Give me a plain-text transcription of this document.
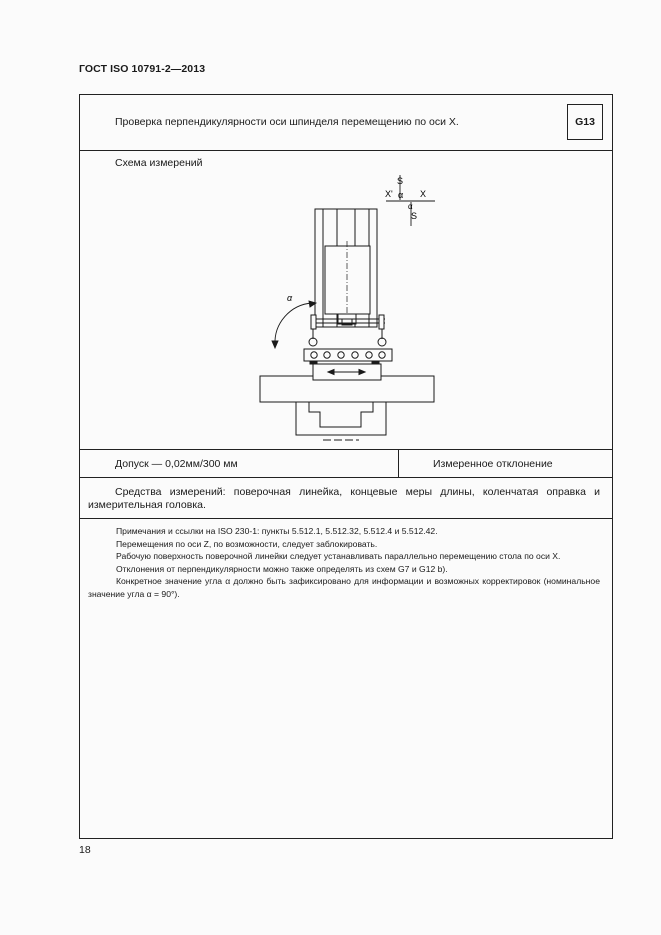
ГОСТ ISO 10791-2—2013
Проверка перпендикулярности оси шпинделя перемещению по оси X.	G13
Схема измерений
S
X' α X
α
S
α
Допуск — 0,02мм/300 мм	Измеренное отклонение
Средства измерений: поверочная линейка, концевые меры длины, коленчатая оправка и измерительная головка.

Примечания и ссылки на ISO 230-1: пункты 5.512.1, 5.512.32, 5.512.4 и 5.512.42.

Перемещения по оси Z, по возможности, следует заблокировать.

Рабочую поверхность поверочной линейки следует устанавливать параллельно перемещению стола по оси X.

Отклонения от перпендикулярности можно также определять из схем G7 и G12 b).

Конкретное значение угла α должно быть зафиксировано для информации и возможных корректировок (номинальное значение угла α = 90°).

18
